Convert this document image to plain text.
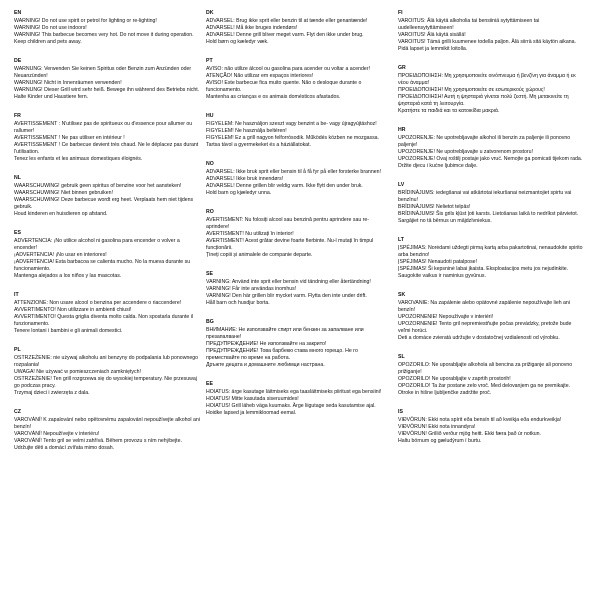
EN
WARNING! Do not use spirit or petrol for lighting or re-lighting!
WARNING! Do not use indoors!
WARNING! This barbecue becomes very hot. Do not move it during operation.
Keep children and pets away.
DE
WARNUNG: Verwenden Sie keinen Spiritus oder Benzin zum Anzünden oder Neuanzünden!
WARNUNG! Nicht in Innenräumen verwenden!
WARNUNG! Dieser Grill wird sehr heiß. Bewege ihn während des Betriebs nicht.
Halte Kinder und Haustiere fern.
FR
AVERTISSEMENT : N'utilisez pas de spiritueux ou d'essence pour allumer ou rallumer!
AVERTISSEMENT ! Ne pas utiliser en intérieur !
AVERTISSEMENT ! Ce barbecue devient très chaud. Ne le déplacez pas durant l'utilisation.
Tenez les enfants et les animaux domestiques éloignés.
NL
WAARSCHUWING! gebruik geen spiritus of benzine voor het aansteken!
WAARSCHUWING! Niet binnen gebruiken!
WAARSCHUWING! Deze barbecue wordt erg heet. Verplaats hem niet tijdens gebruik.
Houd kinderen en huisdieren op afstand.
ES
ADVERTENCIA: ¡No utilice alcohol ni gasolina para encender o volver a encender!
¡ADVERTENCIA! ¡No usar en interiores!
¡ADVERTENCIA! Esta barbacoa se calienta mucho. No la mueva durante su funcionamiento.
Mantenga alejados a los niños y las mascotas.
IT
ATTENZIONE: Non usare alcool o benzina per accendere o riaccendere!
AVVERTIMENTO! Non utilizzare in ambienti chiusi!
AVVERTIMENTO! Questa griglia diventa molto calda. Non spostarla durante il funzionamento.
Tenere lontani i bambini e gli animali domestici.
PL
OSTRZEŻENIE: nie używaj alkoholu ani benzyny do podpalania lub ponownego rozpalania!
UWAGA! Nie używać w pomieszczeniach zamkniętych!
OSTRZEŻENIE! Ten grill rozgrzewa się do wysokiej temperatury. Nie przesuwaj go podczas pracy.
Trzymaj dzieci i zwierzęta z dala.
CZ
VAROVÁNÍ! K zapalování nebo opětovnému zapalování nepoužívejte alkohol ani benzín!
VAROVÁNÍ! Nepoužívejte v interiéru!
VAROVÁNÍ! Tento gril se velmi zahřívá. Během provozu s ním nehýbejte.
Udržujte děti a domácí zvířata mimo dosah.
DK
ADVARSEL: Brug ikke sprit eller benzin til at tænde eller genantænde!
ADVARSEL! Må ikke bruges indendørs!
ADVARSEL! Denne grill bliver meget varm. Flyt den ikke under brug.
Hold børn og kæledyr væk.
PT
AVISO: não utilize álcool ou gasolina para acender ou voltar a acender!
ATENÇÃO! Não utilizar em espaços interiores!
AVISO! Este barbecue fica muito quente. Não o desloque durante o funcionamento.
Mantenha as crianças e os animais domésticos afastados.
HU
FIGYELEM: Ne használjon szeszt vagy benzint a be- vagy újragyújtáshoz!
FIGYELEM! Ne használja beltéren!
FIGYELEM! Ez a grill nagyon felforrósodik. Működés közben ne mozgassa.
Tartsa távol a gyermekeket és a háziállatokat.
NO
ADVARSEL: Ikke bruk sprit eller bensin til å få fyr på eller forsterke brannen!
ADVARSEL! Ikke bruk innendørs!
ADVARSEL! Denne grillen blir veldig varm. Ikke flytt den under bruk.
Hold barn og kjæledyr unna.
RO
AVERTISMENT: Nu folosiți alcool sau benzină pentru aprindere sau re-aprindere!
AVERTISMENT! Nu utilizați în interior!
AVERTISMENT! Acest grătar devine foarte fierbinte. Nu-l mutați în timpul funcționării.
Țineți copiii și animalele de companie departe.
SE
VARNING: Använd inte sprit eller bensin vid tändning eller återtändning!
VARNING! Får inte användas inomhus!
VARNING! Den här grillen blir mycket varm. Flytta den inte under drift.
Håll barn och husdjur borta.
BG
ВНИМАНИЕ: Не използвайте спирт или бензин за запалване или презапалване!
ПРЕДУПРЕЖДЕНИЕ! Не използвайте на закрито!
ПРЕДУПРЕЖДЕНИЕ! Това барбекю става много горещо. Не го премествайте по време на работа.
Дръжте децата и домашните любимци настрана.
EE
HOIATUS: ärge kasutage läitmiseks ega taasläitmiseks piiritust ega bensiini!
HOIATUS! Mitte kasutada siseruumides!
HOIATUS! Grill läheb väga kuumaks. Ärge liigutage seda kasutamise ajal.
Hoidke lapsed ja lemmikloomad eemal.
FI
VAROITUS: Älä käytä alkoholia tai bensiiniä sytyttämiseen tai uudelleensytyttämiseen!
VAROITUS! Älä käytä sisällä!
VAROITUS! Tämä grilli kuumenee todella paljon. Älä siirrä sitä käytön aikana.
Pidä lapset ja lemmikit loitolla.
GR
ΠΡΟΕΙΔΟΠΟΙΗΣΗ: Μη χρησιμοποιείτε οινόπνευμα ή βενζίνη για άναμμα ή εκ νέου άναμμα!
ΠΡΟΕΙΔΟΠΟΙΗΣΗ! Μη χρησιμοποιείτε σε εσωτερικούς χώρους!
ΠΡΟΕΙΔΟΠΟΙΗΣΗ! Αυτή η ψησταριά γίνεται πολύ ζεστή. Μη μετακινείτε τη ψησταριά κατά τη λειτουργία.
Κρατήστε τα παιδιά και τα κατοικίδια μακριά.
HR
UPOZORENJE: Ne upotrebljavajte alkohol ili benzin za paljenje ili ponovno paljenje!
UPOZORENJE! Ne upotrebljavajte u zatvorenom prostoru!
UPOZORENJE! Ovaj roštilj postaje jako vruć. Nemojte ga pomicati tijekom rada.
Držite djecu i kućne ljubimce dalje.
LV
BRĪDINĀJUMS: iedegšanai vai atkārtotai iekuršanai neizmantojiet spirtu vai benzīnu!
BRĪDINĀJUMS! Nelietot telpās!
BRĪDINĀJUMS! Šis grils kļūst ļoti karsts. Lietošanas laikā to nedrīkst pārvietot.
Sargājiet no tā bērnus un mājdzīvniekus.
LT
ĮSPĖJIMAS: Norėdami uždegti pirmą kartą arba pakartotinai, nenaudokite spirito arba benzino!
ĮSPĖJIMAS! Nenaudoti patalpose!
ĮSPĖJIMAS! Ši kepsninė labai įkaista. Eksploatacijos metu jos nejudinkite.
Saugokite vaikus ir naminius gyvūnus.
SK
VAROVANIE: Na zapálenie alebo opätovné zapálenie nepoužívajte lieh ani benzín!
UPOZORNENIE! Nepoužívajte v interiéri!
UPOZORNENIE! Tento gril nepremiestňujte počas prevádzky, pretože bude veľmi horúci.
Deti a domáce zvieratá udržujte v dostatočnej vzdialenosti od výrobku.
SL
OPOZORILO: Ne uporabljajte alkohola ali bencina za prižiganje ali ponovno prižiganje!
OPOZORILO! Ne uporabljajte v zaprtih prostorih!
OPOZORILO! Ta žar postane zelo vroč. Med delovanjem ga ne premikajte.
Otroke in hišne ljubljenčke zadržite proč.
IS
VIÐVÖRUN: Ekki nota spírit eða bensín til að kveikja eða endurkveikja!
VIÐVÖRUN! Ekki nota innandyra!
VIÐVÖRUN! Grillið verður mjög heitt. Ekki færa það úr notkun.
Haltu börnum og gæludýrum í burtu.
